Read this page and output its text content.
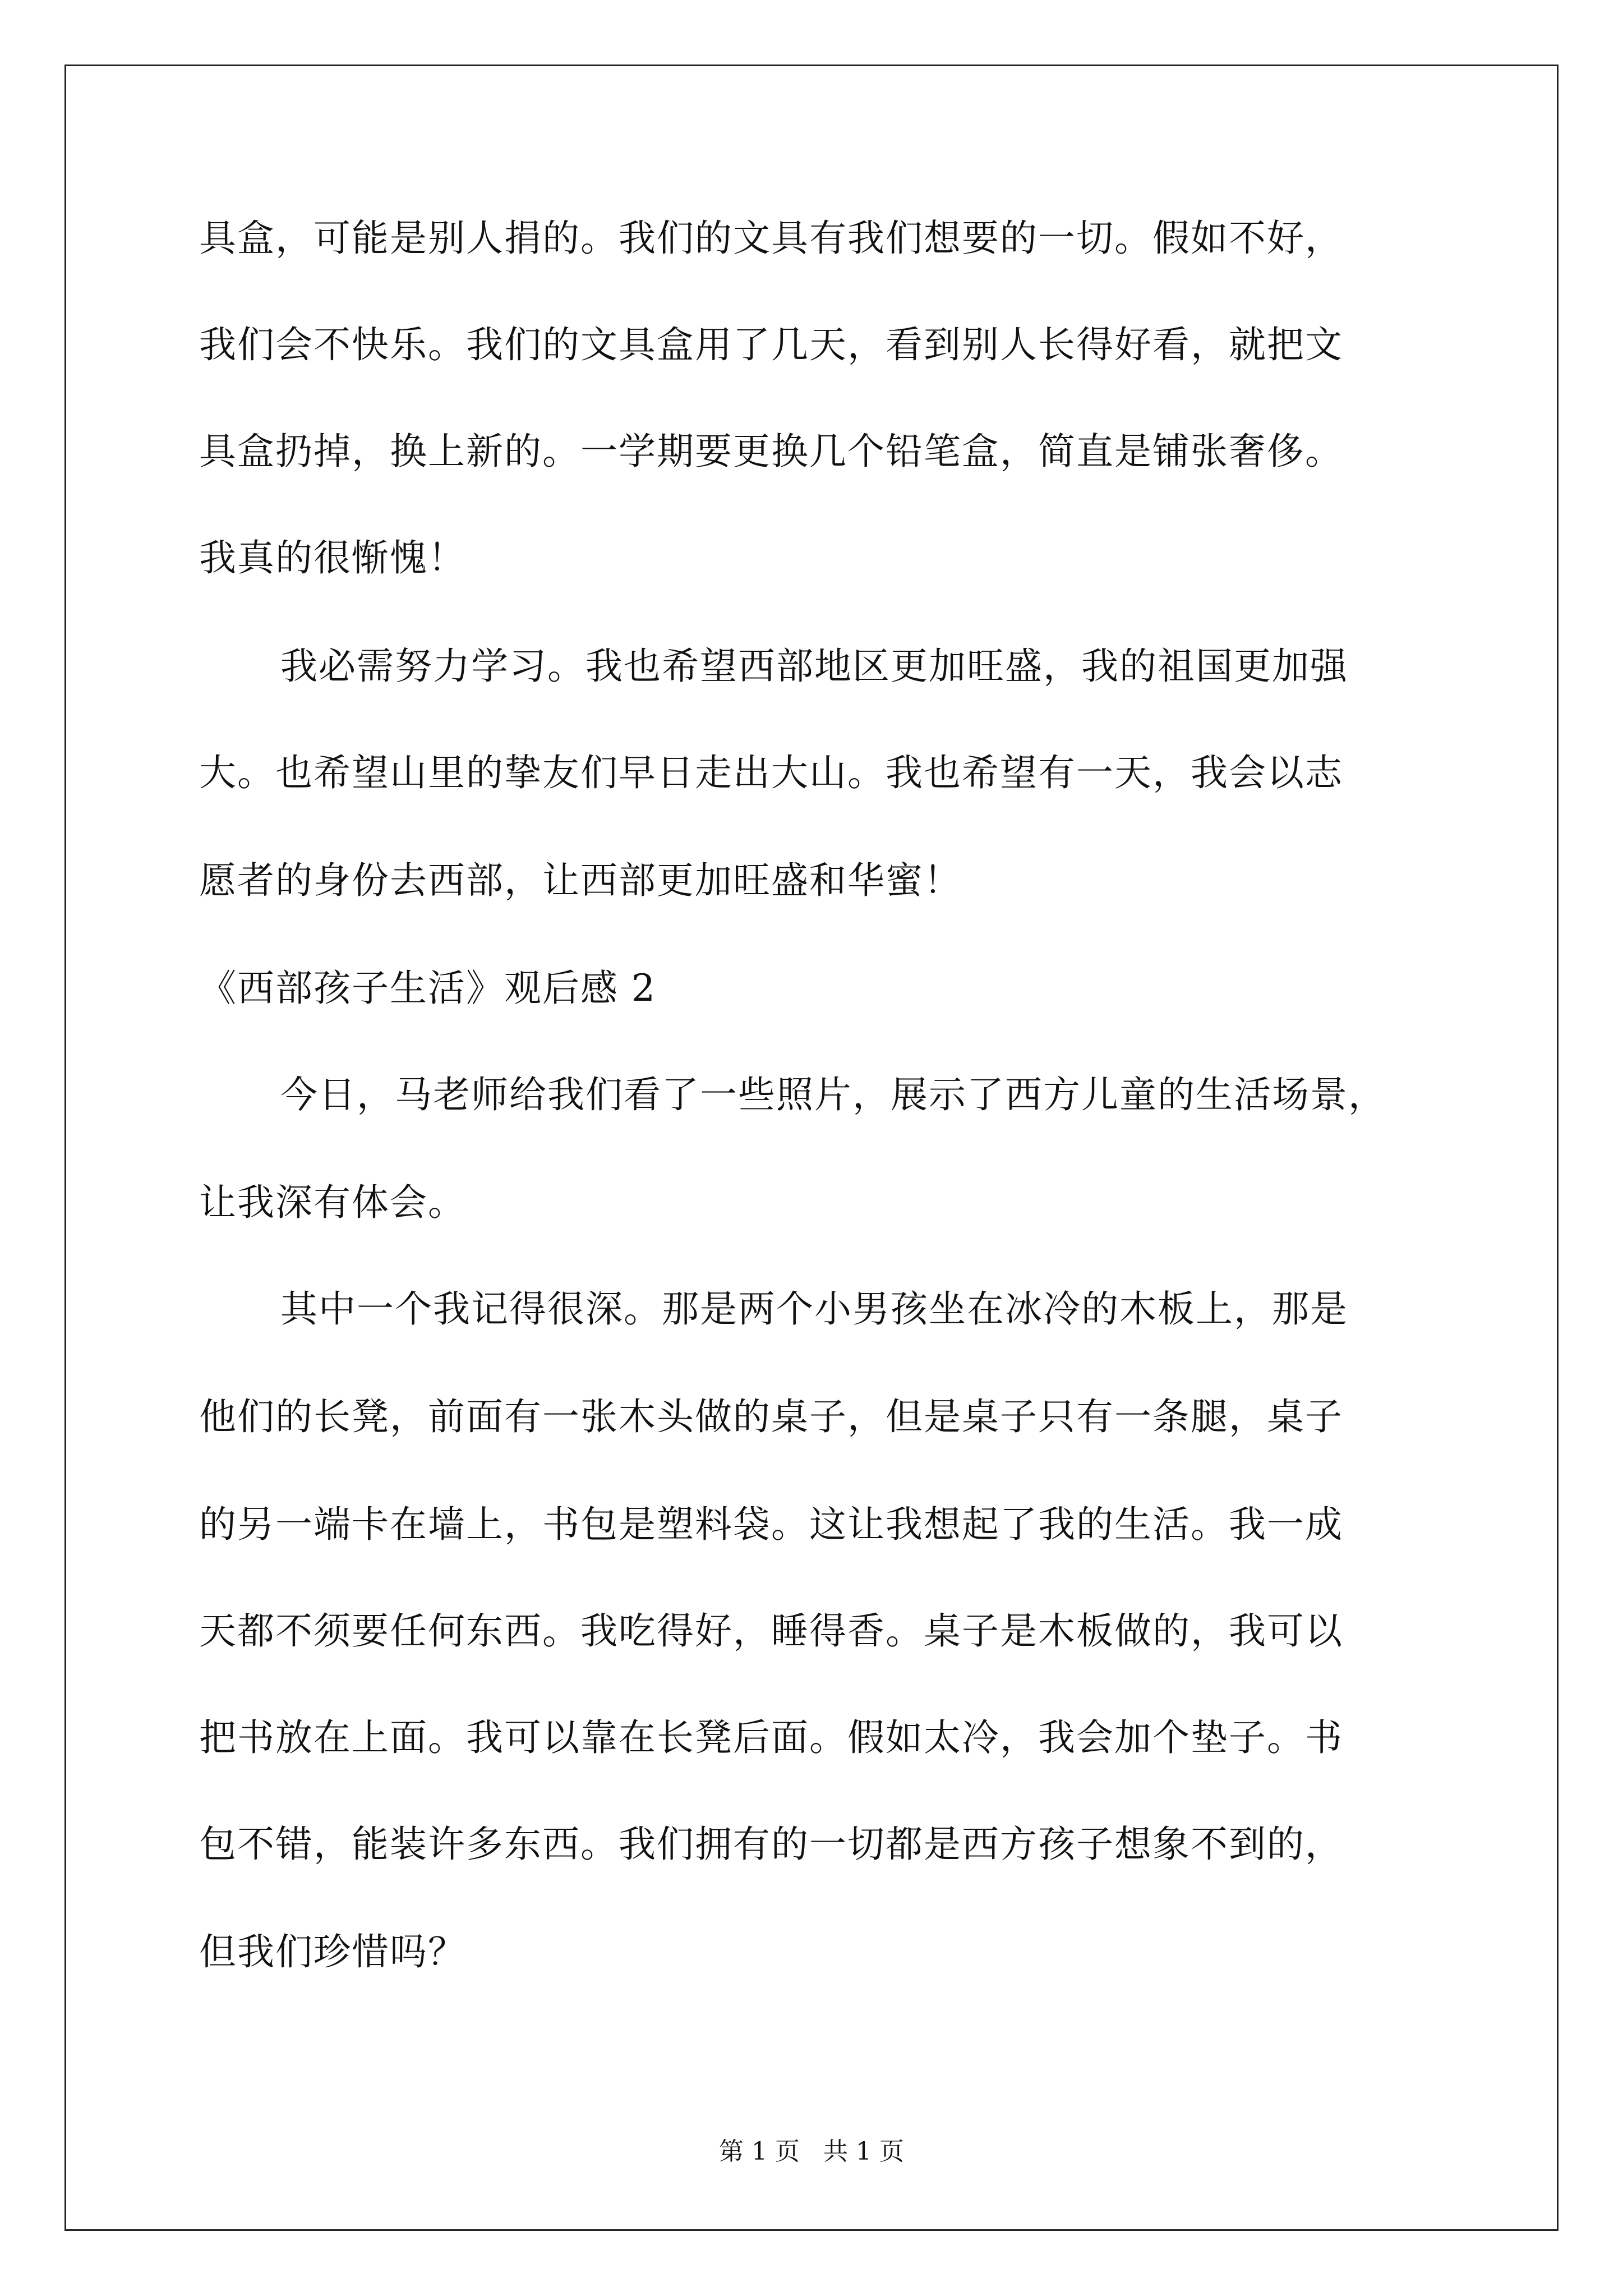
具盒，可能是别人捐的。我们的文具有我们想要的一切。假如不好，
我们会不快乐。我们的文具盒用了几天，看到别人长得好看，就把文
具盒扔掉，换上新的。一学期要更换几个铅笔盒，简直是铺张奢侈。
我真的很惭愧！
我必需努力学习。我也希望西部地区更加旺盛，我的祖国更加强
大。也希望山里的挚友们早日走出大山。我也希望有一天，我会以志
愿者的身份去西部，让西部更加旺盛和华蜜！
《西部孩子生活》观后感 2
今日，马老师给我们看了一些照片，展示了西方儿童的生活场景，
让我深有体会。
其中一个我记得很深。那是两个小男孩坐在冰冷的木板上，那是
他们的长凳，前面有一张木头做的桌子，但是桌子只有一条腿，桌子
的另一端卡在墙上，书包是塑料袋。这让我想起了我的生活。我一成
天都不须要任何东西。我吃得好，睡得香。桌子是木板做的，我可以
把书放在上面。我可以靠在长凳后面。假如太冷，我会加个垫子。书
包不错，能装许多东西。我们拥有的一切都是西方孩子想象不到的，
但我们珍惜吗？
第 1 页   共 1 页
